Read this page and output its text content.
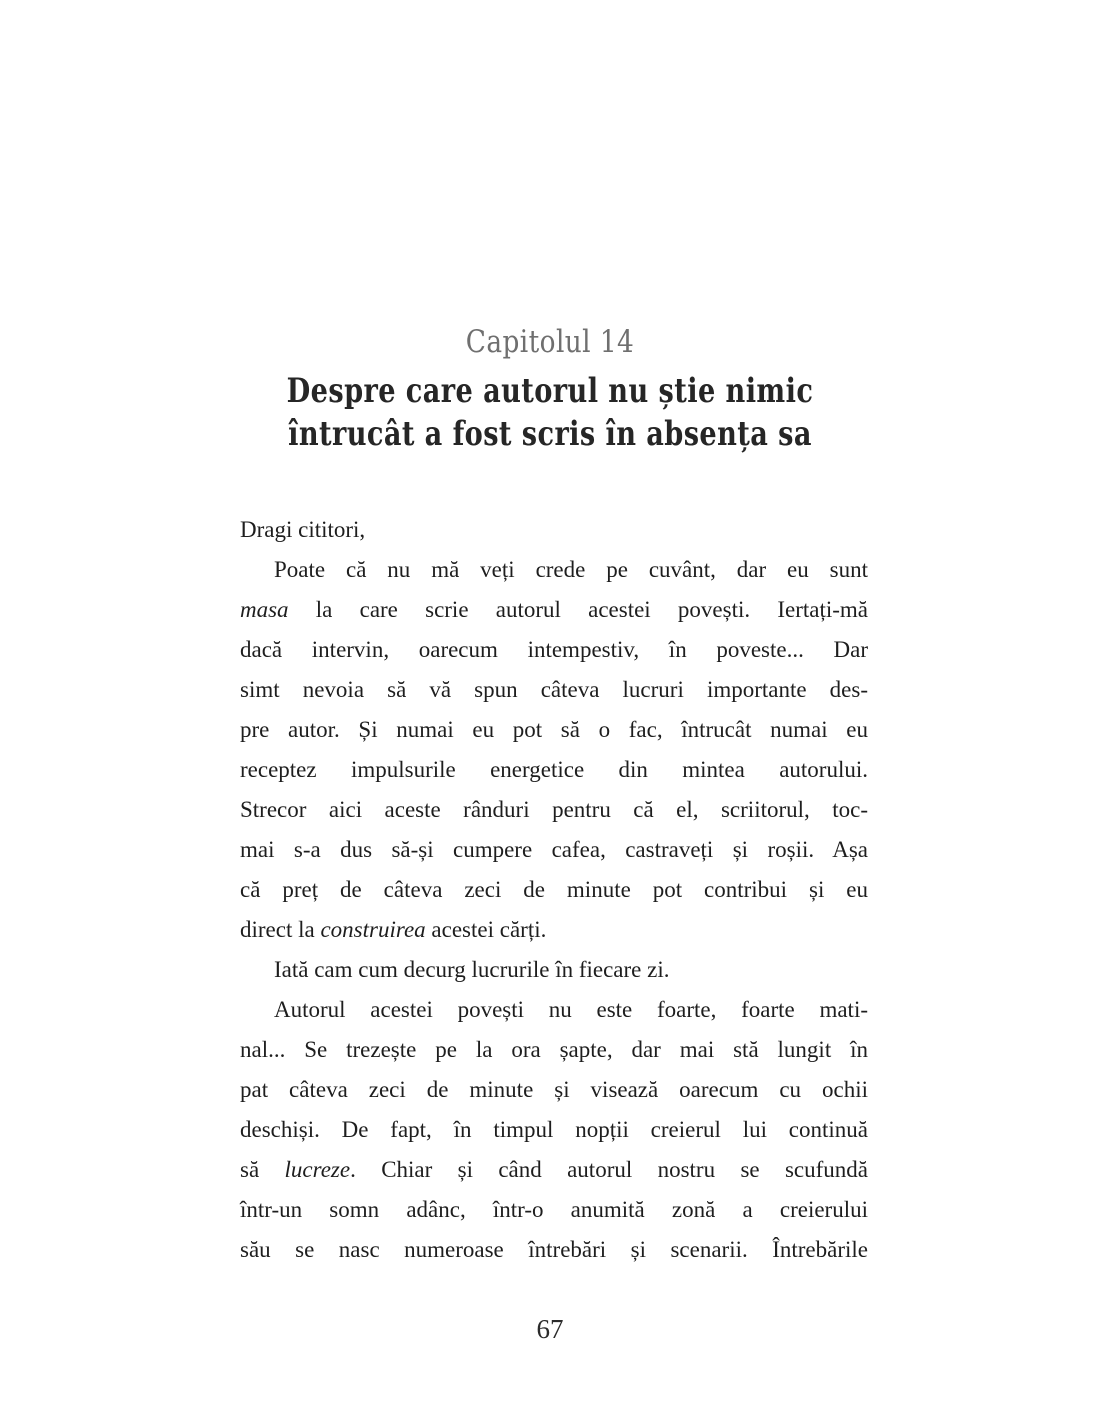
Capitolul 14
Despre care autorul nu știe nimic
întrucât a fost scris în absența sa
Dragi cititori,
Poate că nu mă veți crede pe cuvânt, dar eu sunt
masa la care scrie autorul acestei povești. Iertați-mă
dacă intervin, oarecum intempestiv, în poveste... Dar
simt nevoia să vă spun câteva lucruri importante des-
pre autor. Și numai eu pot să o fac, întrucât numai eu
receptez impulsurile energetice din mintea autorului.
Strecor aici aceste rânduri pentru că el, scriitorul, toc-
mai s-a dus să-și cumpere cafea, castraveți și roșii. Așa
că preț de câteva zeci de minute pot contribui și eu
direct la construirea acestei cărți.
Iată cam cum decurg lucrurile în fiecare zi.
Autorul acestei povești nu este foarte, foarte mati-
nal... Se trezește pe la ora șapte, dar mai stă lungit în
pat câteva zeci de minute și visează oarecum cu ochii
deschiși. De fapt, în timpul nopții creierul lui continuă
să lucreze. Chiar și când autorul nostru se scufundă
într-un somn adânc, într-o anumită zonă a creierului
său se nasc numeroase întrebări și scenarii. Întrebările
67
